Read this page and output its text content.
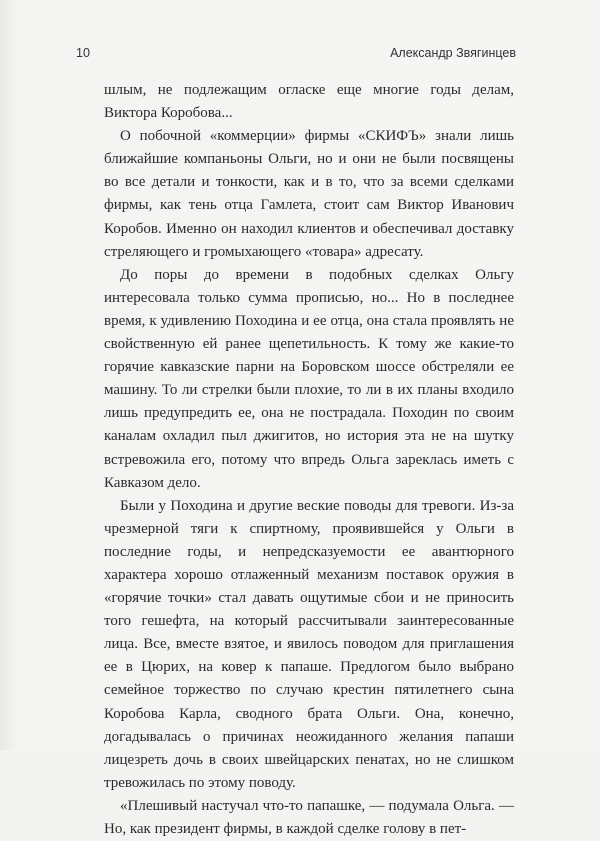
10	Александр Звягинцев

шлым, не подлежащим огласке еще многие годы делам, Виктора Коробова...

О побочной «коммерции» фирмы «СКИФЪ» знали лишь ближайшие компаньоны Ольги, но и они не были посвящены во все детали и тонкости, как и в то, что за всеми сделками фирмы, как тень отца Гамлета, стоит сам Виктор Иванович Коробов. Именно он находил клиентов и обеспечивал доставку стреляющего и громыхающего «товара» адресату.

До поры до времени в подобных сделках Ольгу интересовала только сумма прописью, но... Но в последнее время, к удивлению Походина и ее отца, она стала проявлять не свойственную ей ранее щепетильность. К тому же какие-то горячие кавказские парни на Боровском шоссе обстреляли ее машину. То ли стрелки были плохие, то ли в их планы входило лишь предупредить ее, она не пострадала. Походин по своим каналам охладил пыл джигитов, но история эта не на шутку встревожила его, потому что впредь Ольга зареклась иметь с Кавказом дело.

Были у Походина и другие веские поводы для тревоги. Из-за чрезмерной тяги к спиртному, проявившейся у Ольги в последние годы, и непредсказуемости ее авантюрного характера хорошо отлаженный механизм поставок оружия в «горячие точки» стал давать ощутимые сбои и не приносить того гешефта, на который рассчитывали заинтересованные лица. Все, вместе взятое, и явилось поводом для приглашения ее в Цюрих, на ковер к папаше. Предлогом было выбрано семейное торжество по случаю крестин пятилетнего сына Коробова Карла, сводного брата Ольги. Она, конечно, догадывалась о причинах неожиданного желания папаши лицезреть дочь в своих швейцарских пенатах, но не слишком тревожилась по этому поводу.

«Плешивый настучал что-то папашке, — подумала Ольга. — Но, как президент фирмы, в каждой сделке голову в пет-
